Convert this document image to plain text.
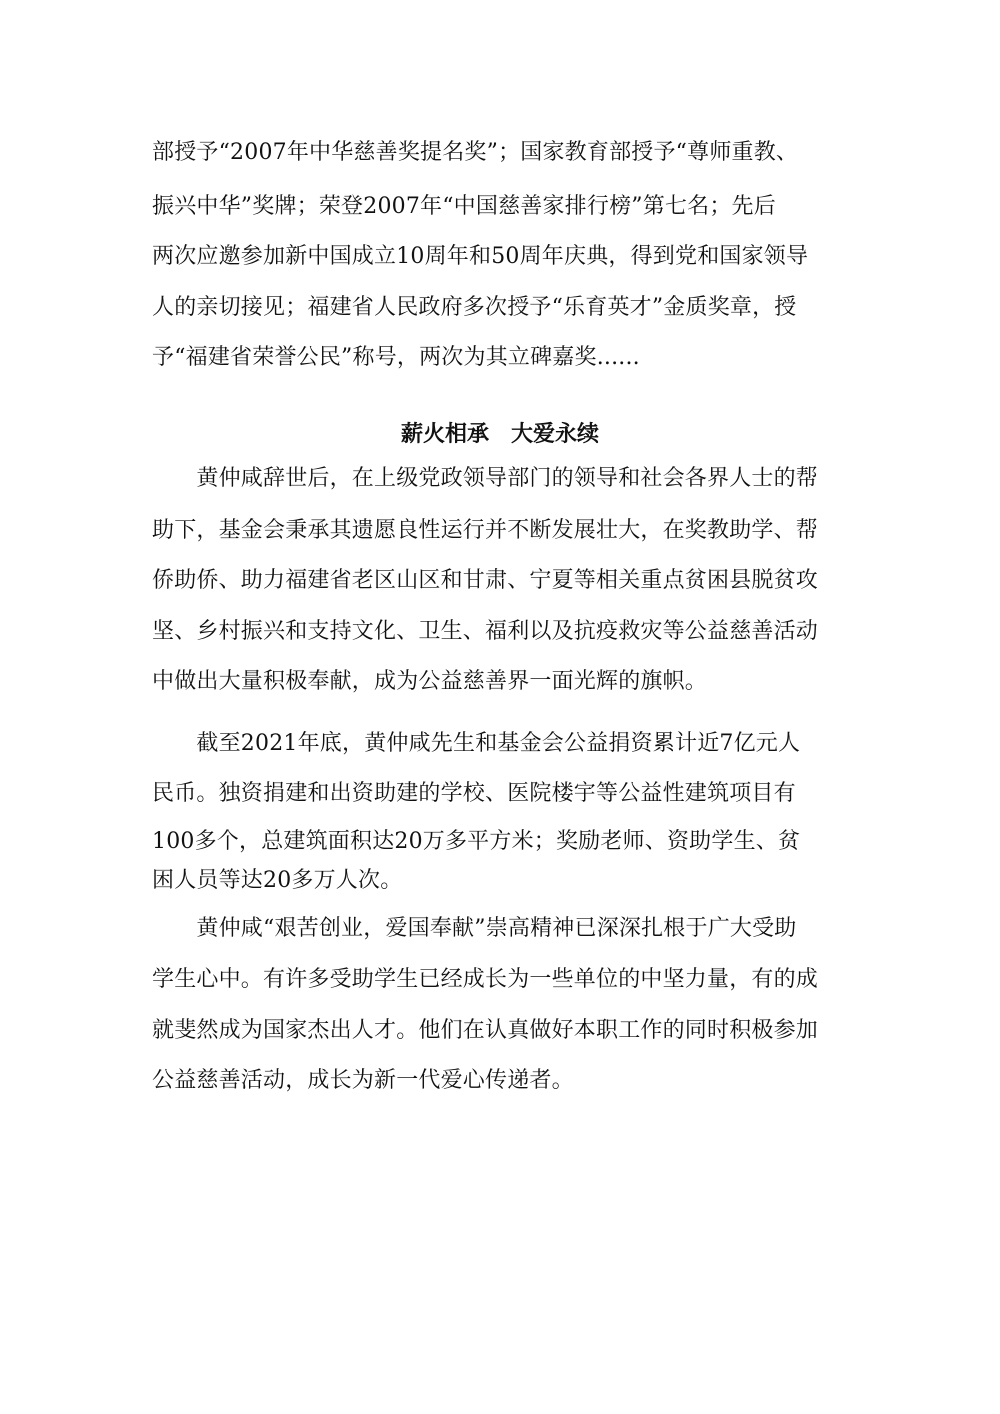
部授予“2007年中华慈善奖提名奖”；国家教育部授予“尊师重教、
振兴中华”奖牌；荣登2007年“中国慈善家排行榜”第七名；先后
两次应邀参加新中国成立10周年和50周年庆典，得到党和国家领导
人的亲切接见；福建省人民政府多次授予“乐育英才”金质奖章，授
予“福建省荣誉公民”称号，两次为其立碑嘉奖......
薪火相承　大爱永续
　　黄仲咸辞世后，在上级党政领导部门的领导和社会各界人士的帮
助下，基金会秉承其遗愿良性运行并不断发展壮大，在奖教助学、帮
侨助侨、助力福建省老区山区和甘肃、宁夏等相关重点贫困县脱贫攻
坚、乡村振兴和支持文化、卫生、福利以及抗疫救灾等公益慈善活动
中做出大量积极奉献，成为公益慈善界一面光辉的旗帜。
　　截至2021年底，黄仲咸先生和基金会公益捐资累计近7亿元人
民币。独资捐建和出资助建的学校、医院楼宇等公益性建筑项目有
100多个，总建筑面积达20万多平方米；奖励老师、资助学生、贫
困人员等达20多万人次。
　　黄仲咸“艰苦创业，爱国奉献”崇高精神已深深扎根于广大受助
学生心中。有许多受助学生已经成长为一些单位的中坚力量，有的成
就斐然成为国家杰出人才。他们在认真做好本职工作的同时积极参加
公益慈善活动，成长为新一代爱心传递者。
